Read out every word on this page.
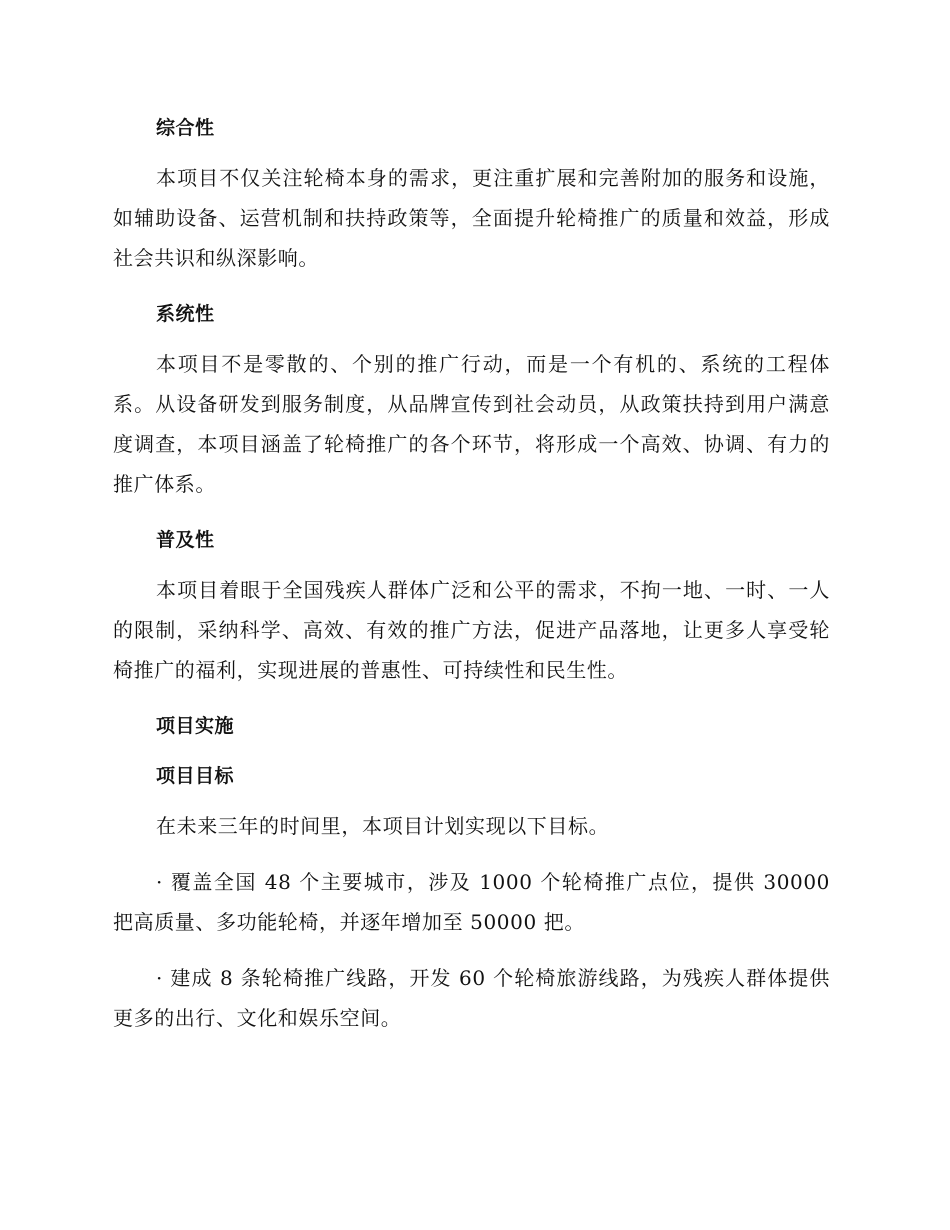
综合性

本项目不仅关注轮椅本身的需求，更注重扩展和完善附加的服务和设施，如辅助设备、运营机制和扶持政策等，全面提升轮椅推广的质量和效益，形成社会共识和纵深影响。

系统性

本项目不是零散的、个别的推广行动，而是一个有机的、系统的工程体系。从设备研发到服务制度，从品牌宣传到社会动员，从政策扶持到用户满意度调查，本项目涵盖了轮椅推广的各个环节，将形成一个高效、协调、有力的推广体系。

普及性

本项目着眼于全国残疾人群体广泛和公平的需求，不拘一地、一时、一人的限制，采纳科学、高效、有效的推广方法，促进产品落地，让更多人享受轮椅推广的福利，实现进展的普惠性、可持续性和民生性。

项目实施
项目目标

在未来三年的时间里，本项目计划实现以下目标。

· 覆盖全国 48 个主要城市，涉及 1000 个轮椅推广点位，提供 30000 把高质量、多功能轮椅，并逐年增加至 50000 把。

· 建成 8 条轮椅推广线路，开发 60 个轮椅旅游线路，为残疾人群体提供更多的出行、文化和娱乐空间。
